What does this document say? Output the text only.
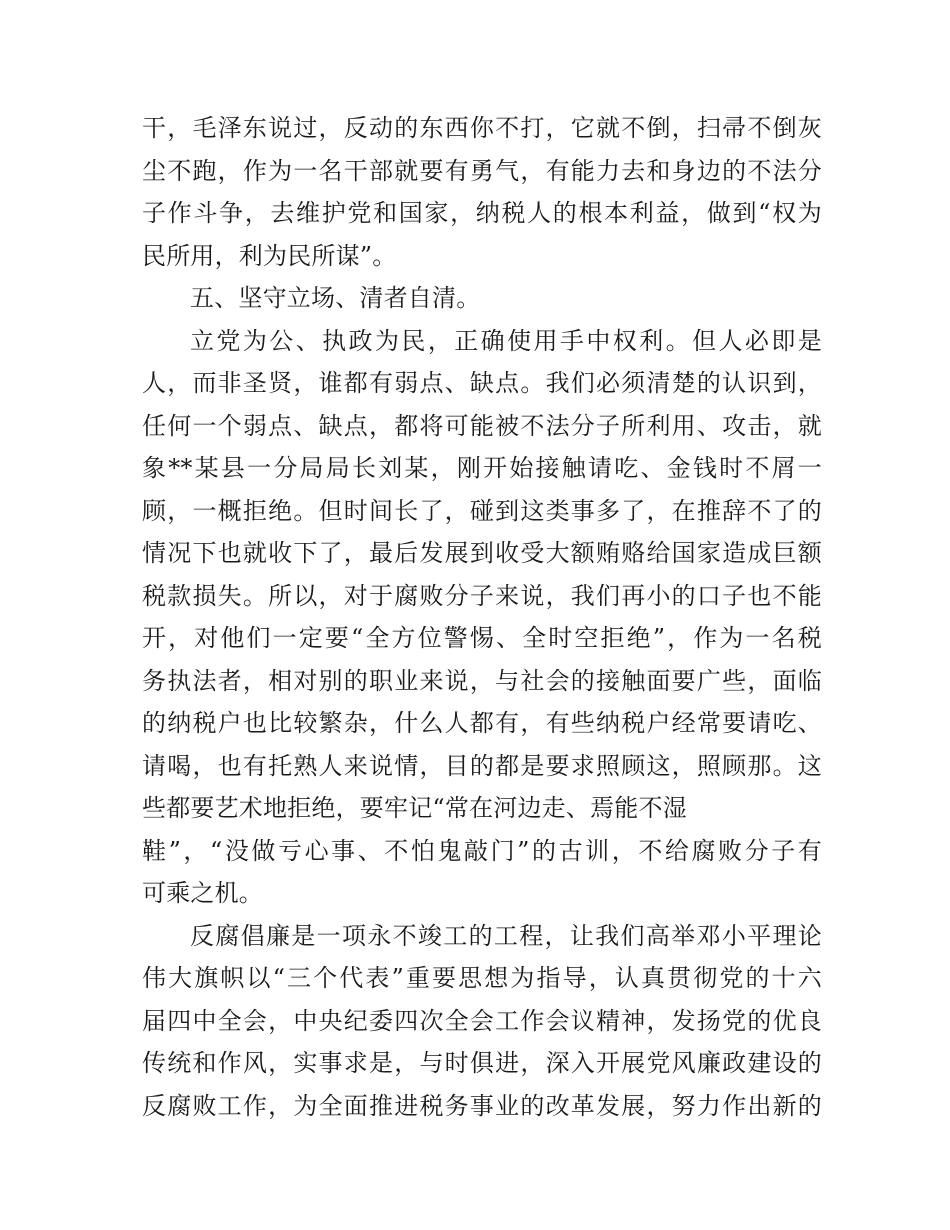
干，毛泽东说过，反动的东西你不打，它就不倒，扫帚不倒灰
尘不跑，作为一名干部就要有勇气，有能力去和身边的不法分
子作斗争，去维护党和国家，纳税人的根本利益，做到“权为
民所用，利为民所谋”。
五、坚守立场、清者自清。
立党为公、执政为民，正确使用手中权利。但人必即是
人，而非圣贤，谁都有弱点、缺点。我们必须清楚的认识到，
任何一个弱点、缺点，都将可能被不法分子所利用、攻击，就
象**某县一分局局长刘某，刚开始接触请吃、金钱时不屑一
顾，一概拒绝。但时间长了，碰到这类事多了，在推辞不了的
情况下也就收下了，最后发展到收受大额贿赂给国家造成巨额
税款损失。所以，对于腐败分子来说，我们再小的口子也不能
开，对他们一定要“全方位警惕、全时空拒绝”，作为一名税
务执法者，相对别的职业来说，与社会的接触面要广些，面临
的纳税户也比较繁杂，什么人都有，有些纳税户经常要请吃、
请喝，也有托熟人来说情，目的都是要求照顾这，照顾那。这
些都要艺术地拒绝，要牢记“常在河边走、焉能不湿
鞋”，“没做亏心事、不怕鬼敲门”的古训，不给腐败分子有
可乘之机。
反腐倡廉是一项永不竣工的工程，让我们高举邓小平理论
伟大旗帜以“三个代表”重要思想为指导，认真贯彻党的十六
届四中全会，中央纪委四次全会工作会议精神，发扬党的优良
传统和作风，实事求是，与时俱进，深入开展党风廉政建设的
反腐败工作，为全面推进税务事业的改革发展，努力作出新的
